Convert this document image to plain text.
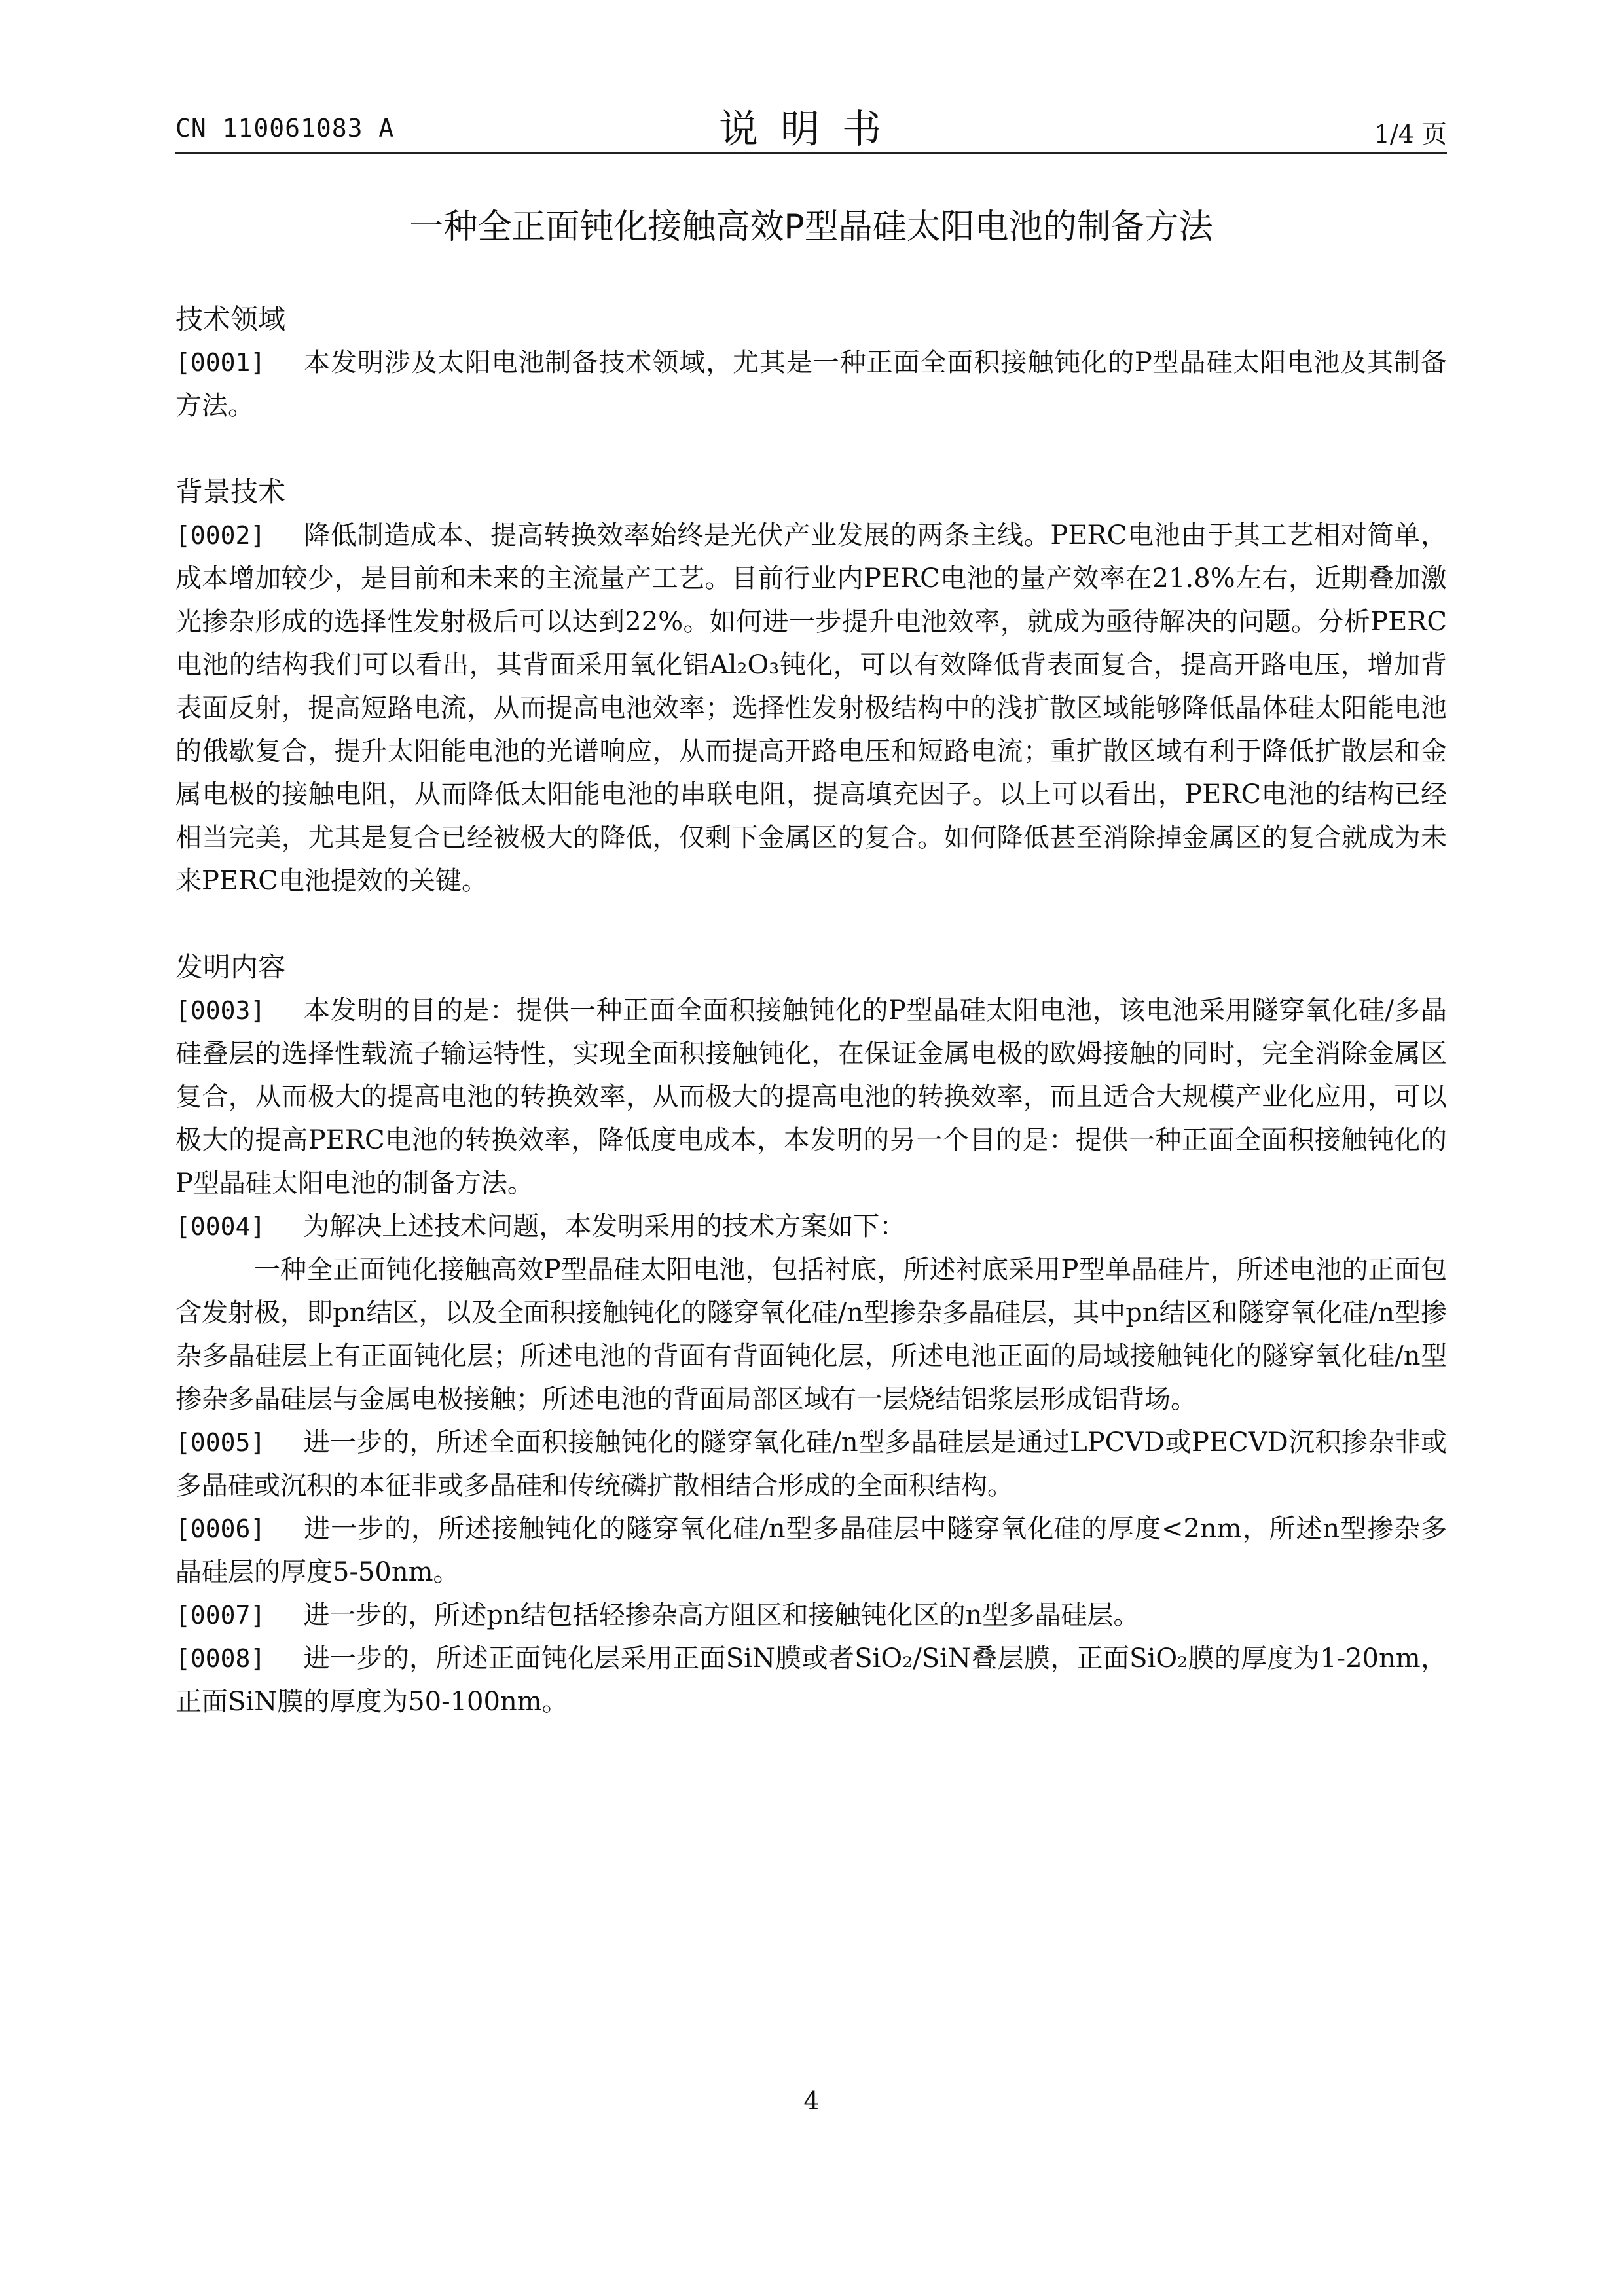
CN 110061083 A	说明书	1/4 页
一种全正面钝化接触高效P型晶硅太阳电池的制备方法

技术领域

[0001] 本发明涉及太阳电池制备技术领域，尤其是一种正面全面积接触钝化的P型晶硅太阳电池及其制备方法。

背景技术

[0002] 降低制造成本、提高转换效率始终是光伏产业发展的两条主线。PERC电池由于其工艺相对简单，成本增加较少，是目前和未来的主流量产工艺。目前行业内PERC电池的量产效率在21.8%左右，近期叠加激光掺杂形成的选择性发射极后可以达到22%。如何进一步提升电池效率，就成为亟待解决的问题。分析PERC电池的结构我们可以看出，其背面采用氧化铝Al₂O₃钝化，可以有效降低背表面复合，提高开路电压，增加背表面反射，提高短路电流，从而提高电池效率；选择性发射极结构中的浅扩散区域能够降低晶体硅太阳能电池的俄歇复合，提升太阳能电池的光谱响应，从而提高开路电压和短路电流；重扩散区域有利于降低扩散层和金属电极的接触电阻，从而降低太阳能电池的串联电阻，提高填充因子。以上可以看出，PERC电池的结构已经相当完美，尤其是复合已经被极大的降低，仅剩下金属区的复合。如何降低甚至消除掉金属区的复合就成为未来PERC电池提效的关键。

发明内容

[0003] 本发明的目的是：提供一种正面全面积接触钝化的P型晶硅太阳电池，该电池采用隧穿氧化硅/多晶硅叠层的选择性载流子输运特性，实现全面积接触钝化，在保证金属电极的欧姆接触的同时，完全消除金属区复合，从而极大的提高电池的转换效率，从而极大的提高电池的转换效率，而且适合大规模产业化应用，可以极大的提高PERC电池的转换效率，降低度电成本，本发明的另一个目的是：提供一种正面全面积接触钝化的P型晶硅太阳电池的制备方法。

[0004] 为解决上述技术问题，本发明采用的技术方案如下：

一种全正面钝化接触高效P型晶硅太阳电池，包括衬底，所述衬底采用P型单晶硅片，所述电池的正面包含发射极，即pn结区，以及全面积接触钝化的隧穿氧化硅/n型掺杂多晶硅层，其中pn结区和隧穿氧化硅/n型掺杂多晶硅层上有正面钝化层；所述电池的背面有背面钝化层，所述电池正面的局域接触钝化的隧穿氧化硅/n型掺杂多晶硅层与金属电极接触；所述电池的背面局部区域有一层烧结铝浆层形成铝背场。

[0005] 进一步的，所述全面积接触钝化的隧穿氧化硅/n型多晶硅层是通过LPCVD或PECVD沉积掺杂非或多晶硅或沉积的本征非或多晶硅和传统磷扩散相结合形成的全面积结构。

[0006] 进一步的，所述接触钝化的隧穿氧化硅/n型多晶硅层中隧穿氧化硅的厚度<2nm，所述n型掺杂多晶硅层的厚度5-50nm。

[0007] 进一步的，所述pn结包括轻掺杂高方阻区和接触钝化区的n型多晶硅层。

[0008] 进一步的，所述正面钝化层采用正面SiN膜或者SiO₂/SiN叠层膜，正面SiO₂膜的厚度为1-20nm，正面SiN膜的厚度为50-100nm。

4
